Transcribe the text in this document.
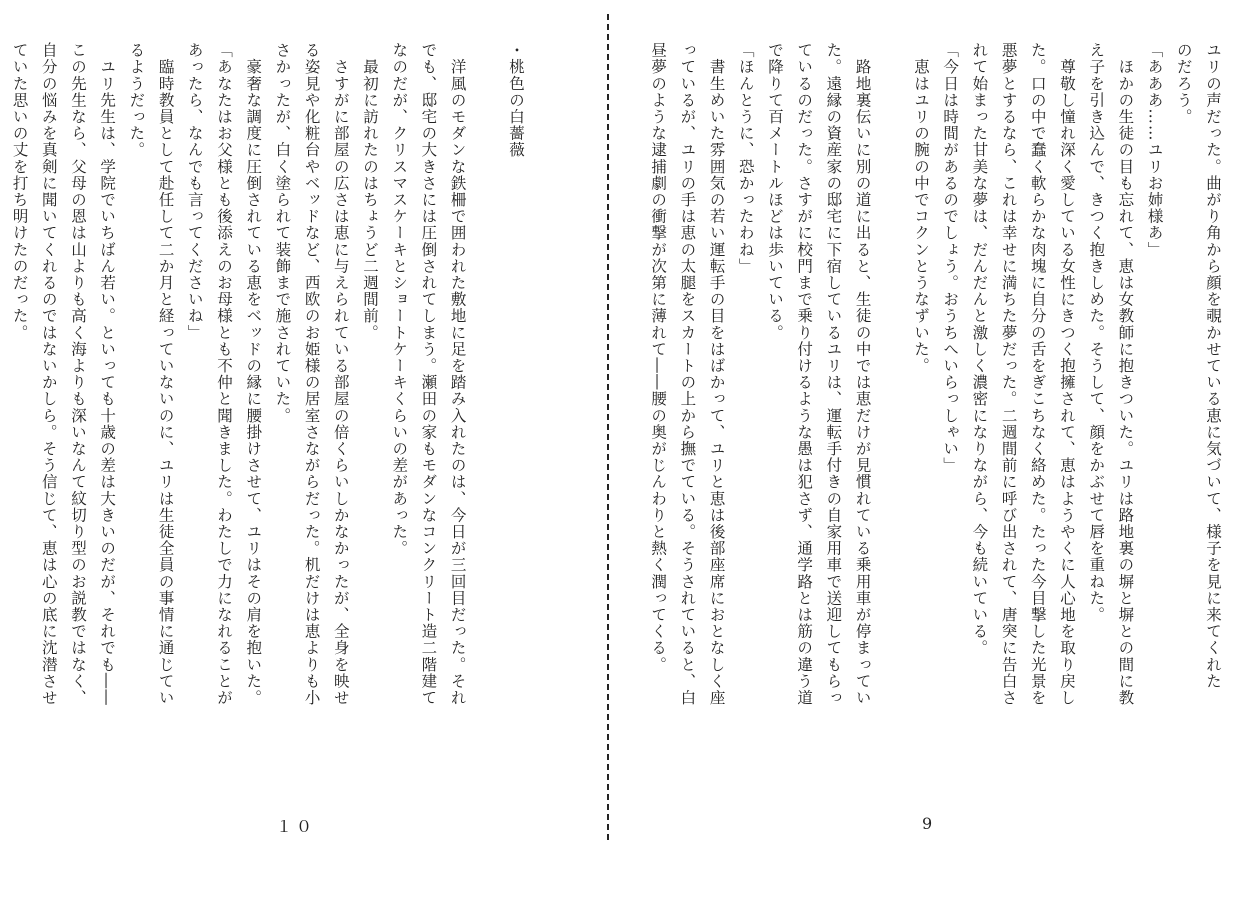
ユリの声だった。曲がり角から顔を覗かせている恵に気づいて、様子を見に来てくれた
のだろう。
「あああ……ユリお姉様あ」
　ほかの生徒の目も忘れて、恵は女教師に抱きついた。ユリは路地裏の塀と塀との間に教
え子を引き込んで、きつく抱きしめた。そうして、顔をかぶせて唇を重ねた。
　尊敬し憧れ深く愛している女性にきつく抱擁されて、恵はようやくに人心地を取り戻し
た。口の中で蠢く軟らかな肉塊に自分の舌をぎこちなく絡めた。たった今目撃した光景を
悪夢とするなら、これは幸せに満ちた夢だった。二週間前に呼び出されて、唐突に告白さ
れて始まった甘美な夢は、だんだんと激しく濃密になりながら、今も続いている。
「今日は時間があるのでしょう。おうちへいらっしゃい」
　恵はユリの腕の中でコクンとうなずいた。
　路地裏伝いに別の道に出ると、生徒の中では恵だけが見慣れている乗用車が停まってい
た。遠縁の資産家の邸宅に下宿しているユリは、運転手付きの自家用車で送迎してもらっ
ているのだった。さすがに校門まで乗り付けるような愚は犯さず、通学路とは筋の違う道
で降りて百メートルほどは歩いている。
「ほんとうに、恐かったわね」
　書生めいた雰囲気の若い運転手の目をはばかって、ユリと恵は後部座席におとなしく座
っているが、ユリの手は恵の太腿をスカートの上から撫でている。そうされていると、白
昼夢のような逮捕劇の衝撃が次第に薄れて――腰の奥がじんわりと熱く潤ってくる。
・桃色の白薔薇
　洋風のモダンな鉄柵で囲われた敷地に足を踏み入れたのは、今日が三回目だった。それ
でも、邸宅の大きさには圧倒されてしまう。瀬田の家もモダンなコンクリート造二階建て
なのだが、クリスマスケーキとショートケーキくらいの差があった。
　最初に訪れたのはちょうど二週間前。
　さすがに部屋の広さは恵に与えられている部屋の倍くらいしかなかったが、全身を映せ
る姿見や化粧台やベッドなど、西欧のお姫様の居室さながらだった。机だけは恵よりも小
さかったが、白く塗られて装飾まで施されていた。
　豪奢な調度に圧倒されている恵をベッドの縁に腰掛けさせて、ユリはその肩を抱いた。
「あなたはお父様とも後添えのお母様とも不仲と聞きました。わたしで力になれることが
あったら、なんでも言ってくださいね」
　臨時教員として赴任して二か月と経っていないのに、ユリは生徒全員の事情に通じてい
るようだった。
　ユリ先生は、学院でいちばん若い。といっても十歳の差は大きいのだが、それでも――
この先生なら、父母の恩は山よりも高く海よりも深いなんて紋切り型のお説教ではなく、
自分の悩みを真剣に聞いてくれるのではないかしら。そう信じて、恵は心の底に沈潜させ
ていた思いの丈を打ち明けたのだった。
１０	9
